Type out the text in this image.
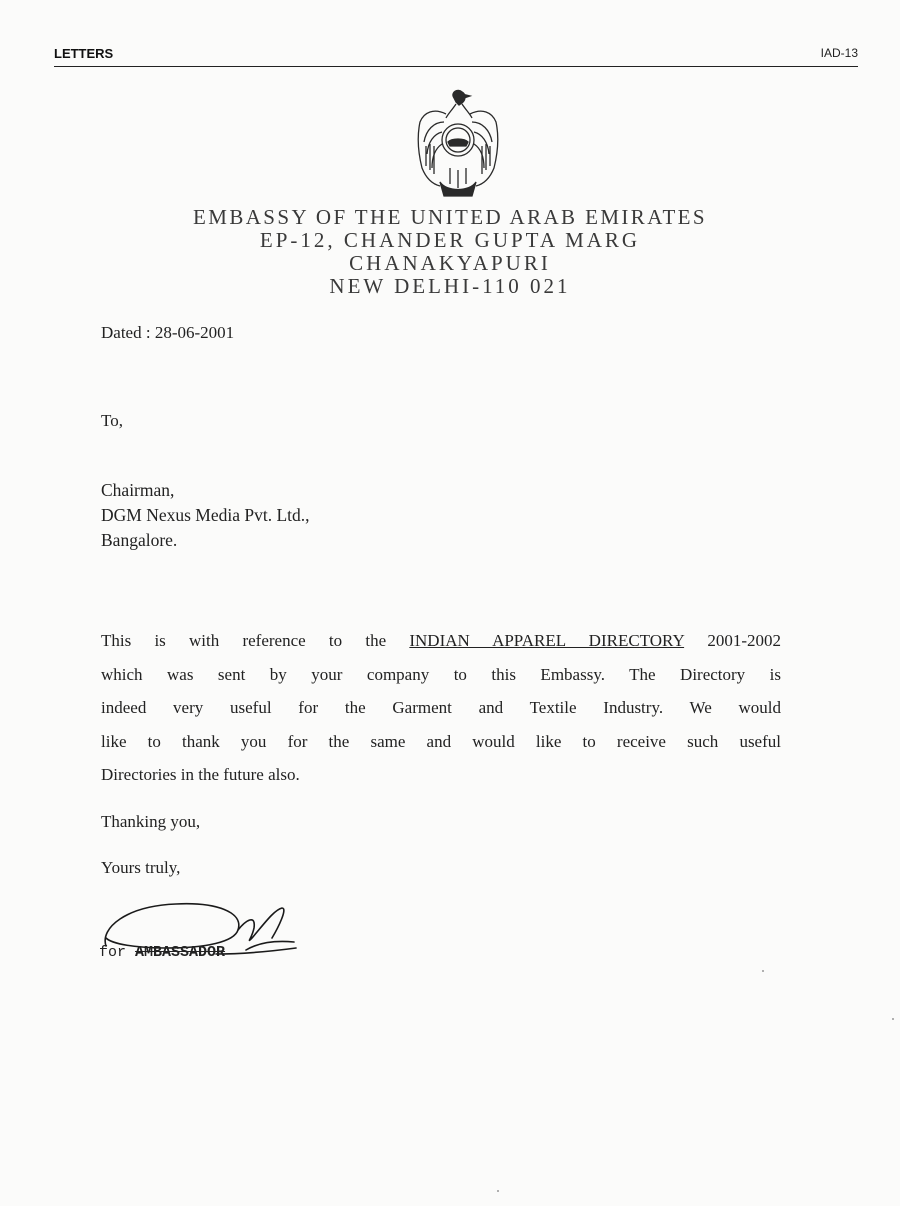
LETTERS	IAD-13
EMBASSY OF THE UNITED ARAB EMIRATES
EP-12, CHANDER GUPTA MARG
CHANAKYAPURI
NEW DELHI-110 021
Dated : 28-06-2001
To,
Chairman,
DGM Nexus Media Pvt. Ltd.,
Bangalore.

This is with reference to the INDIAN APPAREL DIRECTORY 2001-2002

which was sent by your company to this Embassy. The Directory is

indeed very useful for the Garment and Textile Industry. We would

like to thank you for the same and would like to receive such useful

Directories in the future also.

Thanking you,
Yours truly,
for AMBASSADOR
